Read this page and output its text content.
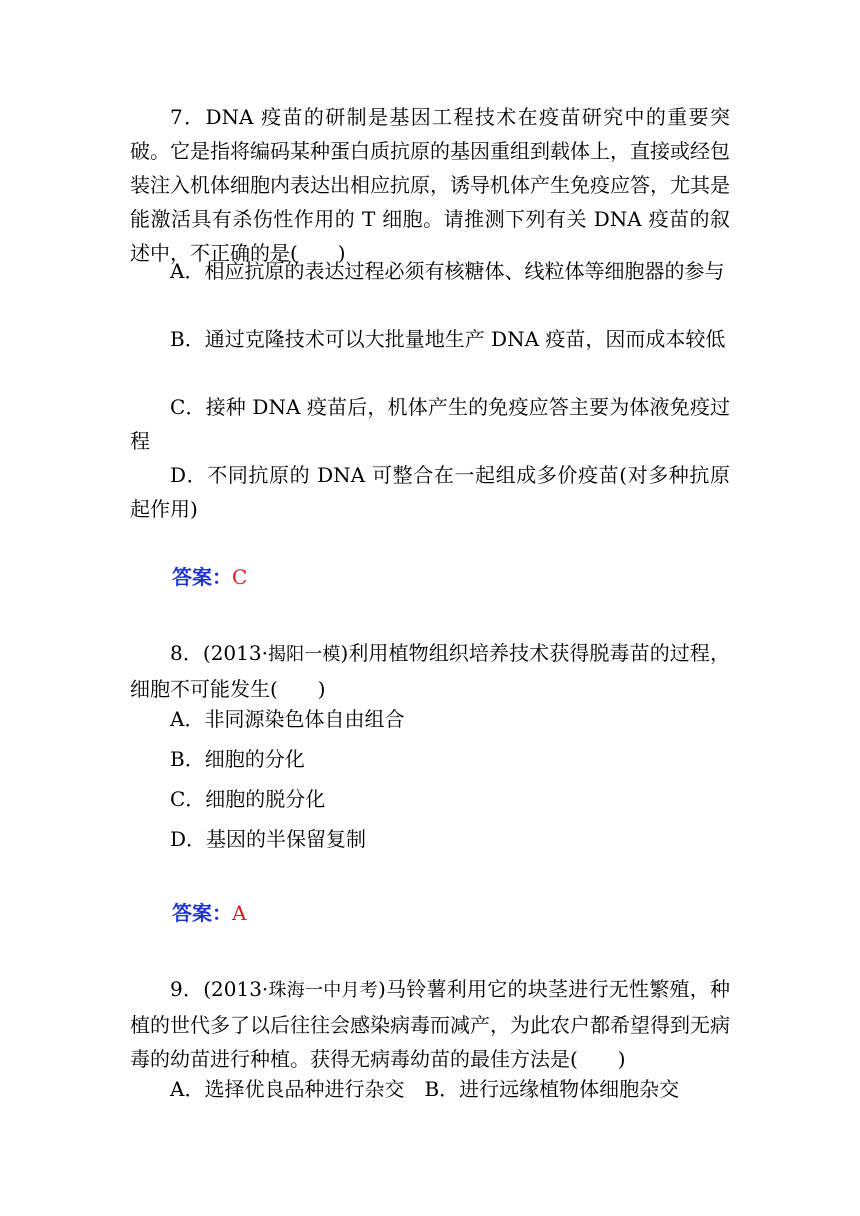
7．DNA 疫苗的研制是基因工程技术在疫苗研究中的重要突破。它是指将编码某种蛋白质抗原的基因重组到载体上，直接或经包装注入机体细胞内表达出相应抗原，诱导机体产生免疫应答，尤其是能激活具有杀伤性作用的 T 细胞。请推测下列有关 DNA 疫苗的叙述中，不正确的是(　　)

A．相应抗原的表达过程必须有核糖体、线粒体等细胞器的参与

B．通过克隆技术可以大批量地生产 DNA 疫苗，因而成本较低

C．接种 DNA 疫苗后，机体产生的免疫应答主要为体液免疫过程

D．不同抗原的 DNA 可整合在一起组成多价疫苗(对多种抗原起作用)

答案：C

8．(2013·揭阳一模)利用植物组织培养技术获得脱毒苗的过程，细胞不可能发生(　　)

A．非同源染色体自由组合

B．细胞的分化

C．细胞的脱分化

D．基因的半保留复制

答案：A

9．(2013·珠海一中月考)马铃薯利用它的块茎进行无性繁殖，种植的世代多了以后往往会感染病毒而减产，为此农户都希望得到无病毒的幼苗进行种植。获得无病毒幼苗的最佳方法是(　　)

A．选择优良品种进行杂交　B．进行远缘植物体细胞杂交
